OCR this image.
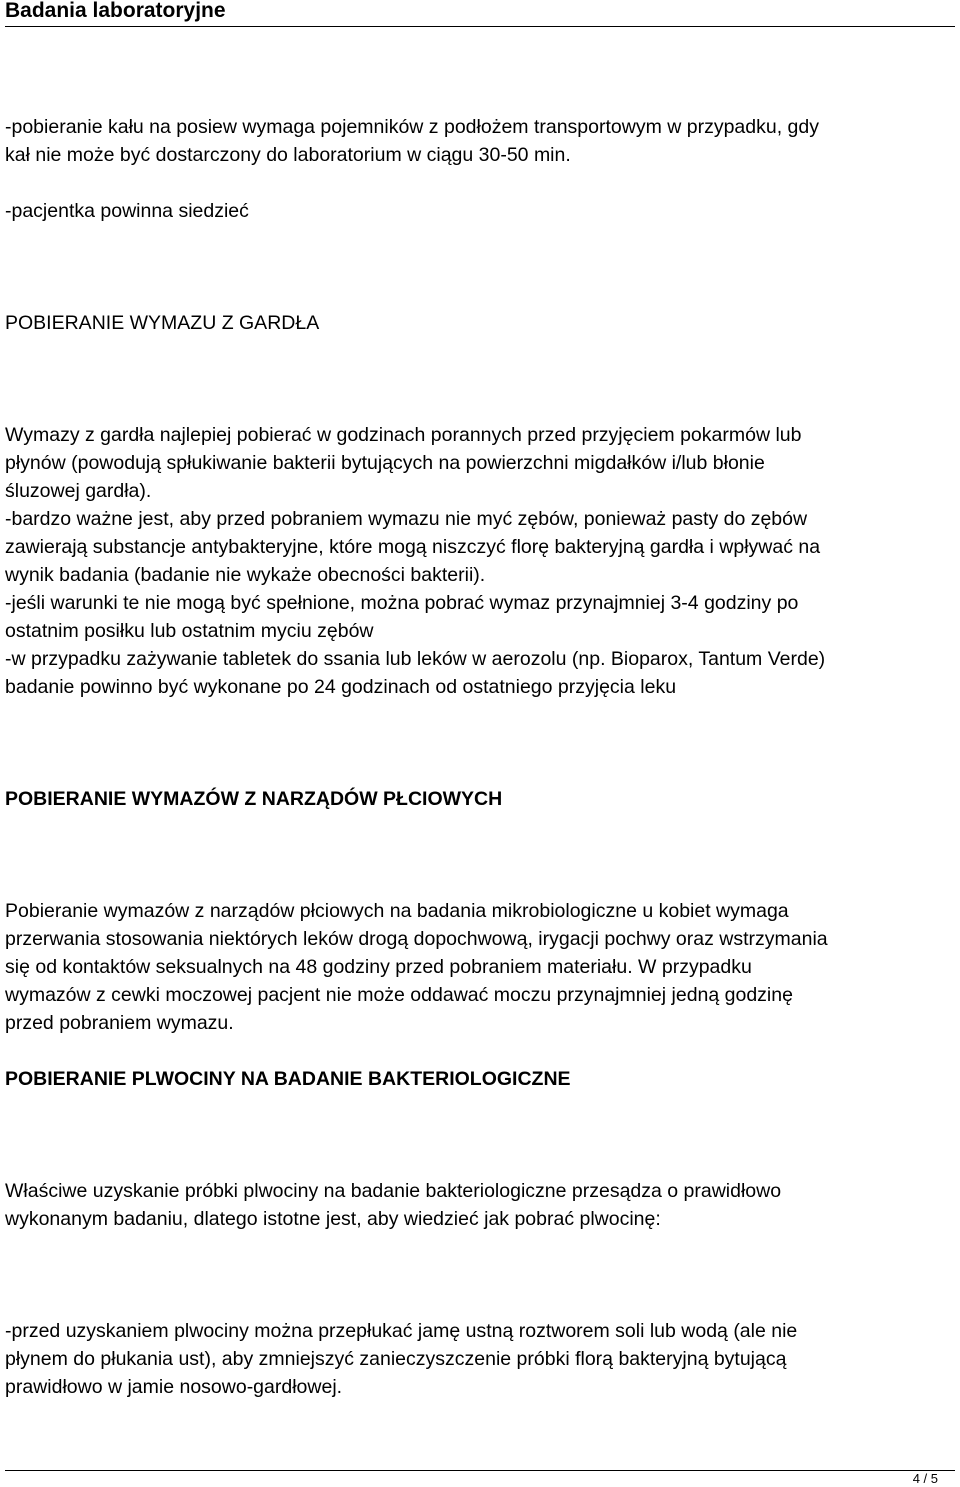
Badania laboratoryjne

-pobieranie kału na posiew wymaga pojemników z podłożem transportowym w przypadku, gdy
kał nie może być dostarczony do laboratorium w ciągu 30-50 min.

-pacjentka powinna siedzieć

POBIERANIE WYMAZU Z GARDŁA

Wymazy z gardła najlepiej pobierać w godzinach porannych przed przyjęciem pokarmów lub
płynów (powodują spłukiwanie bakterii bytujących na powierzchni migdałków i/lub błonie
śluzowej gardła).
-bardzo ważne jest, aby przed pobraniem wymazu nie myć zębów, ponieważ pasty do zębów
zawierają substancje antybakteryjne, które mogą niszczyć florę bakteryjną gardła i wpływać na
wynik badania (badanie nie wykaże obecności bakterii).
-jeśli warunki te nie mogą być spełnione, można pobrać wymaz przynajmniej 3-4 godziny po
ostatnim posiłku lub ostatnim myciu zębów
-w przypadku zażywanie tabletek do ssania lub leków w aerozolu (np. Bioparox, Tantum Verde)
badanie powinno być wykonane po 24 godzinach od ostatniego przyjęcia leku

POBIERANIE WYMAZÓW Z NARZĄDÓW PŁCIOWYCH

Pobieranie wymazów z narządów płciowych na badania mikrobiologiczne u kobiet wymaga
przerwania stosowania niektórych leków drogą dopochwową, irygacji pochwy oraz wstrzymania
się od kontaktów seksualnych na 48 godziny przed pobraniem materiału. W przypadku
wymazów z cewki moczowej pacjent nie może oddawać moczu przynajmniej jedną godzinę
przed pobraniem wymazu.

POBIERANIE PLWOCINY NA BADANIE BAKTERIOLOGICZNE

Właściwe uzyskanie próbki plwociny na badanie bakteriologiczne przesądza o prawidłowo
wykonanym badaniu, dlatego istotne jest, aby wiedzieć jak pobrać plwocinę:

-przed uzyskaniem plwociny można przepłukać jamę ustną roztworem soli lub wodą (ale nie
płynem do płukania ust), aby zmniejszyć zanieczyszczenie próbki florą bakteryjną bytującą
prawidłowo w jamie nosowo-gardłowej.

4 / 5
